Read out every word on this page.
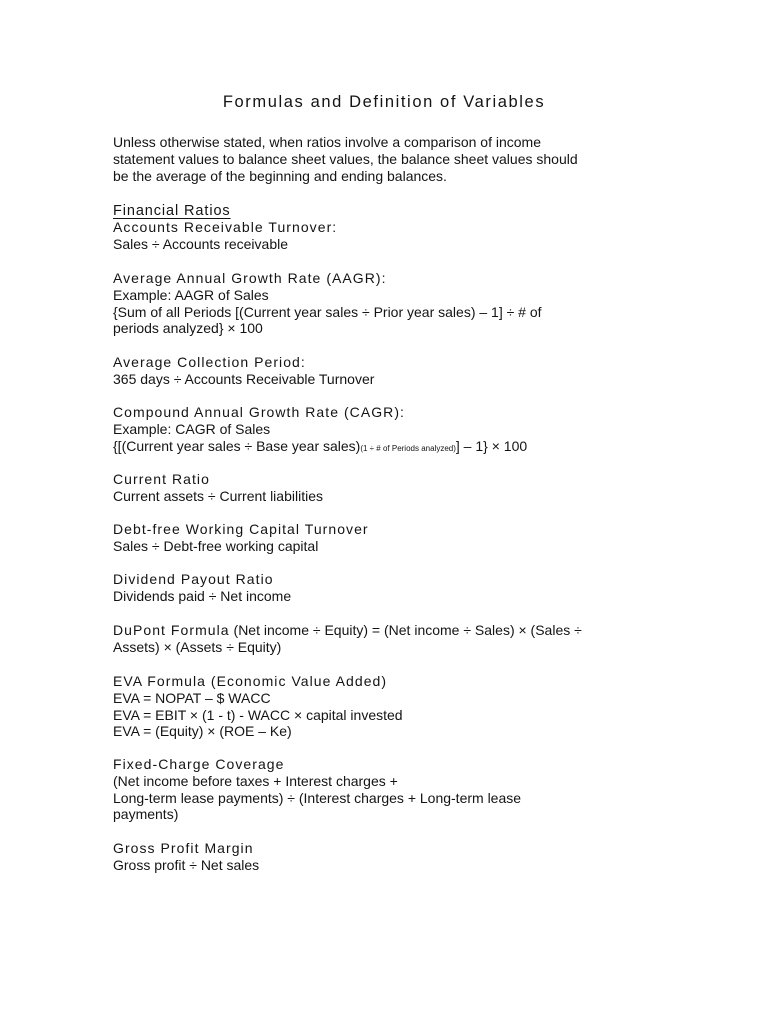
Formulas and Definition of Variables
Unless otherwise stated, when ratios involve a comparison of income
statement values to balance sheet values, the balance sheet values should
be the average of the beginning and ending balances.
Financial Ratios
Accounts Receivable Turnover:
Sales ÷ Accounts receivable
Average Annual Growth Rate (AAGR):
Example: AAGR of Sales
{Sum of all Periods [(Current year sales ÷ Prior year sales) – 1] ÷ # of
periods analyzed} × 100
Average Collection Period:
365 days ÷ Accounts Receivable Turnover
Compound Annual Growth Rate (CAGR):
Example: CAGR of Sales
{[(Current year sales ÷ Base year sales)(1 ÷ # of Periods analyzed)] – 1} × 100
Current Ratio
Current assets ÷ Current liabilities
Debt-free Working Capital Turnover
Sales ÷ Debt-free working capital
Dividend Payout Ratio
Dividends paid ÷ Net income
DuPont Formula (Net income ÷ Equity) = (Net income ÷ Sales) × (Sales ÷
Assets) × (Assets ÷ Equity)
EVA Formula (Economic Value Added)
EVA = NOPAT – $ WACC
EVA = EBIT × (1 - t) - WACC × capital invested
EVA = (Equity) × (ROE – Ke)
Fixed-Charge Coverage
(Net income before taxes + Interest charges +
Long-term lease payments) ÷ (Interest charges + Long-term lease
payments)
Gross Profit Margin
Gross profit ÷ Net sales
